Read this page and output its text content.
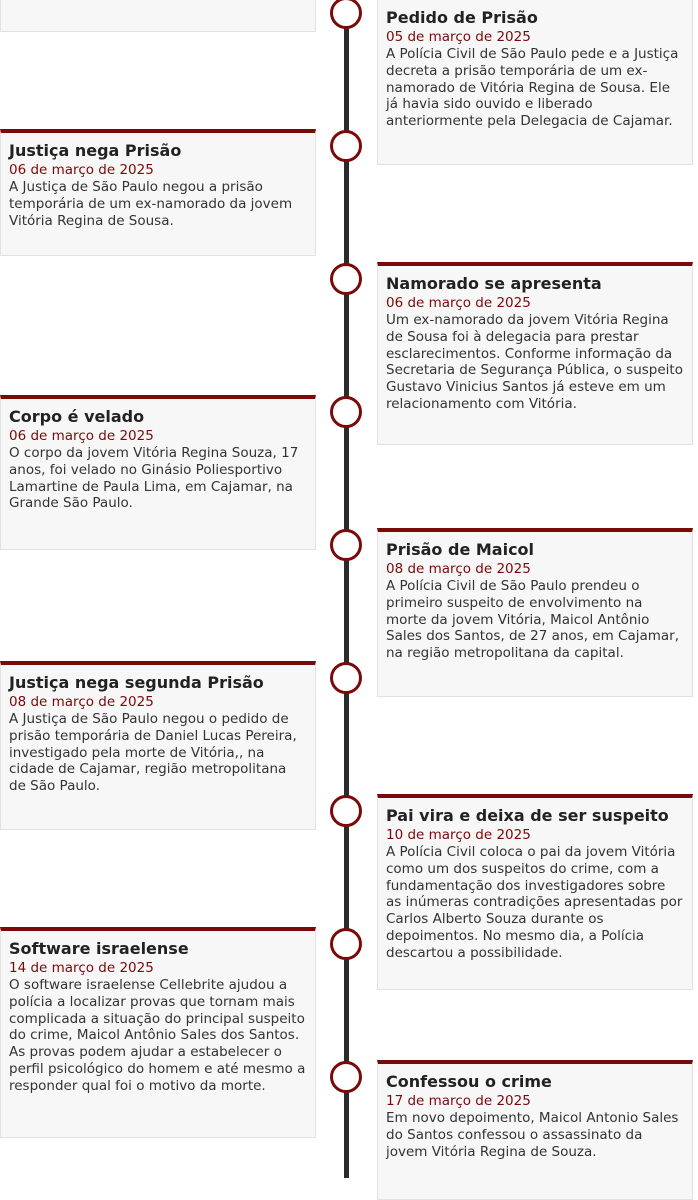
Pedido de Prisão
05 de março de 2025

A Polícia Civil de São Paulo pede e a Justiça decreta a prisão temporária de um ex-namorado de Vitória Regina de Sousa. Ele já havia sido ouvido e liberado anteriormente pela Delegacia de Cajamar.

Justiça nega Prisão
06 de março de 2025

A Justiça de São Paulo negou a prisão temporária de um ex-namorado da jovem Vitória Regina de Sousa.

Namorado se apresenta
06 de março de 2025

Um ex-namorado da jovem Vitória Regina de Sousa foi à delegacia para prestar esclarecimentos. Conforme informação da Secretaria de Segurança Pública, o suspeito Gustavo Vinicius Santos já esteve em um relacionamento com Vitória.

Corpo é velado
06 de março de 2025

O corpo da jovem Vitória Regina Souza, 17 anos, foi velado no Ginásio Poliesportivo Lamartine de Paula Lima, em Cajamar, na Grande São Paulo.

Prisão de Maicol
08 de março de 2025

A Polícia Civil de São Paulo prendeu o primeiro suspeito de envolvimento na morte da jovem Vitória, Maicol Antônio Sales dos Santos, de 27 anos, em Cajamar, na região metropolitana da capital.

Justiça nega segunda Prisão
08 de março de 2025

A Justiça de São Paulo negou o pedido de prisão temporária de Daniel Lucas Pereira, investigado pela morte de Vitória,, na cidade de Cajamar, região metropolitana de São Paulo.

Pai vira e deixa de ser suspeito
10 de março de 2025

A Polícia Civil coloca o pai da jovem Vitória como um dos suspeitos do crime, com a fundamentação dos investigadores sobre as inúmeras contradições apresentadas por Carlos Alberto Souza durante os depoimentos. No mesmo dia, a Polícia descartou a possibilidade.

Software israelense
14 de março de 2025

O software israelense Cellebrite ajudou a polícia a localizar provas que tornam mais complicada a situação do principal suspeito do crime, Maicol Antônio Sales dos Santos. As provas podem ajudar a estabelecer o perfil psicológico do homem e até mesmo a responder qual foi o motivo da morte.	Confessou o crime
17 de março de 2025

Em novo depoimento, Maicol Antonio Sales do Santos confessou o assassinato da jovem Vitória Regina de Souza.
